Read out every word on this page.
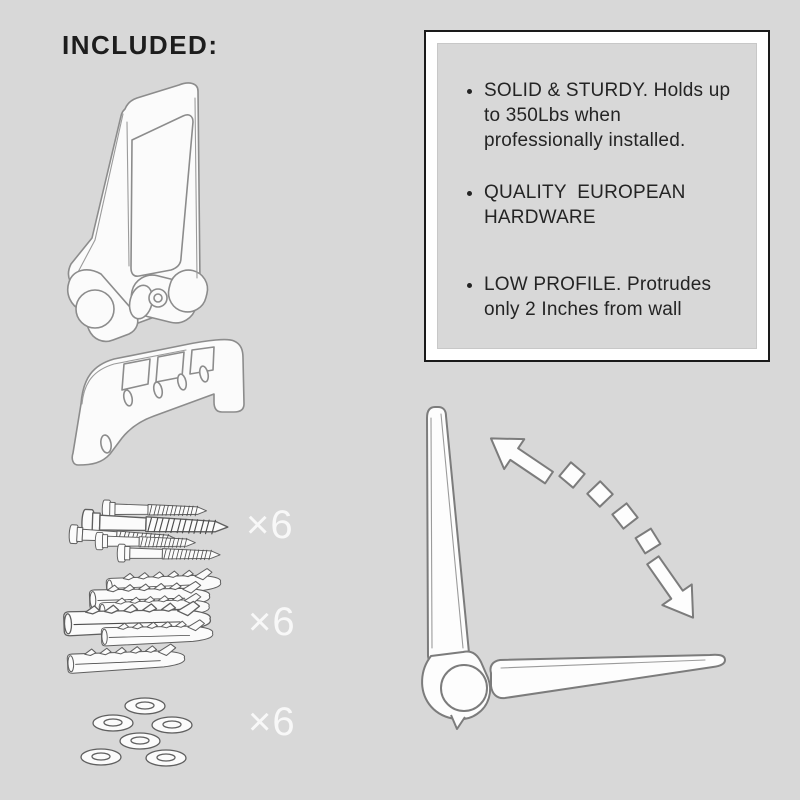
INCLUDED:
×6
×6
×6
• SOLID & STURDY. Holds up to 350Lbs when professionally installed.
• QUALITY  EUROPEAN HARDWARE
• LOW PROFILE. Protrudes only 2 Inches from wall
